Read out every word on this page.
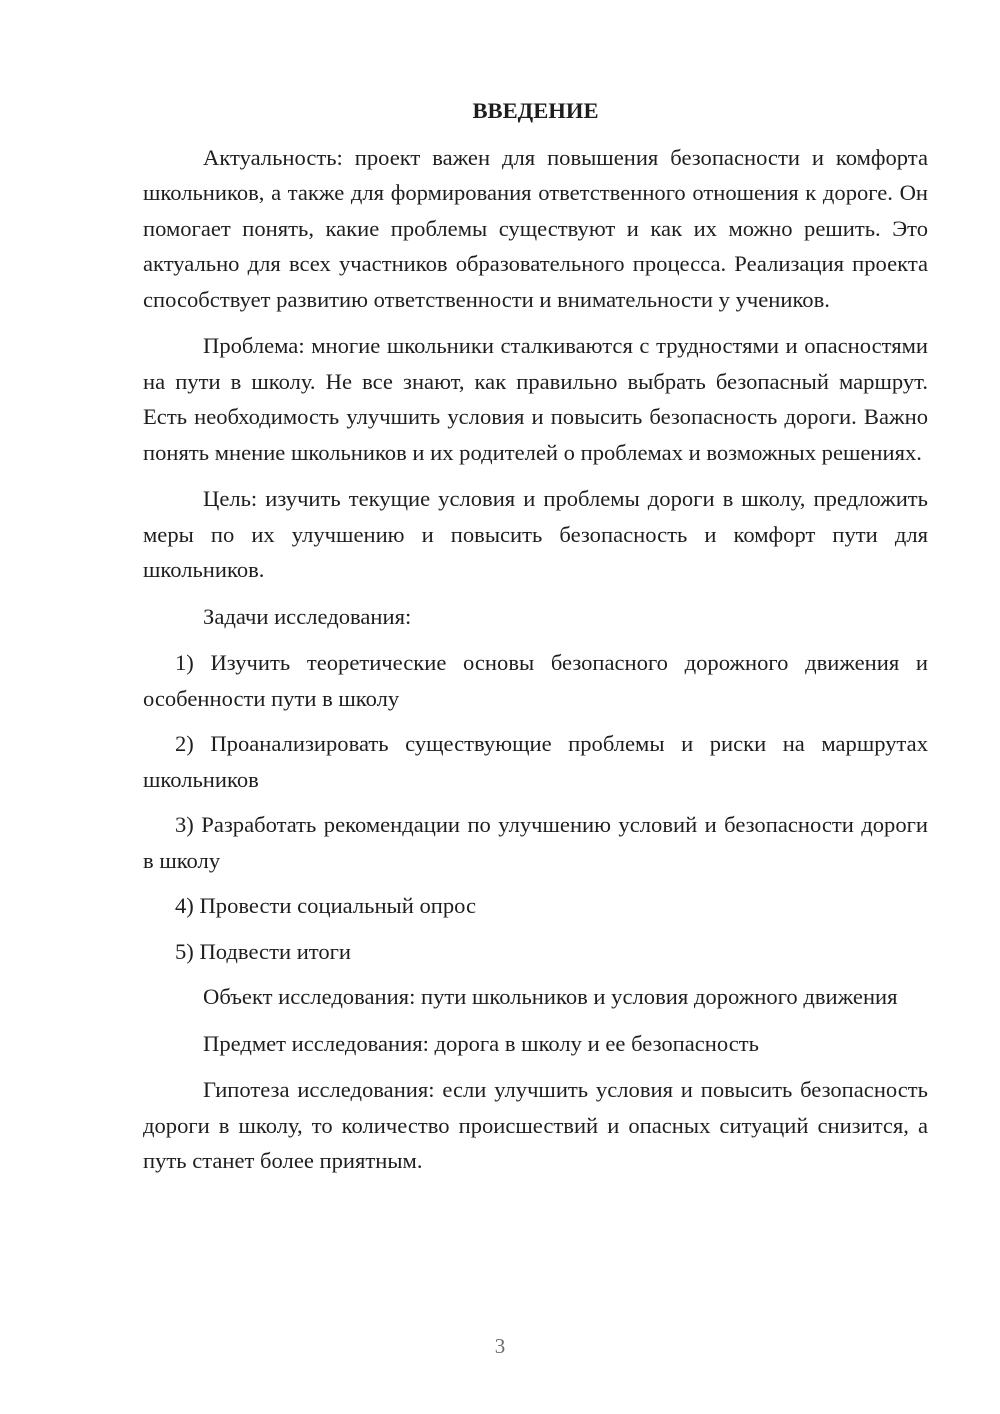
ВВЕДЕНИЕ

Актуальность: проект важен для повышения безопасности и комфорта школьников, а также для формирования ответственного отношения к дороге. Он помогает понять, какие проблемы существуют и как их можно решить. Это актуально для всех участников образовательного процесса. Реализация проекта способствует развитию ответственности и внимательности у учеников.

Проблема: многие школьники сталкиваются с трудностями и опасностями на пути в школу. Не все знают, как правильно выбрать безопасный маршрут. Есть необходимость улучшить условия и повысить безопасность дороги. Важно понять мнение школьников и их родителей о проблемах и возможных решениях.

Цель: изучить текущие условия и проблемы дороги в школу, предложить меры по их улучшению и повысить безопасность и комфорт пути для школьников.

Задачи исследования:

1) Изучить теоретические основы безопасного дорожного движения и особенности пути в школу

2) Проанализировать существующие проблемы и риски на маршрутах школьников

3) Разработать рекомендации по улучшению условий и безопасности дороги в школу

4) Провести социальный опрос

5) Подвести итоги

Объект исследования: пути школьников и условия дорожного движения

Предмет исследования: дорога в школу и ее безопасность

Гипотеза исследования: если улучшить условия и повысить безопасность дороги в школу, то количество происшествий и опасных ситуаций снизится, а путь станет более приятным.

3
